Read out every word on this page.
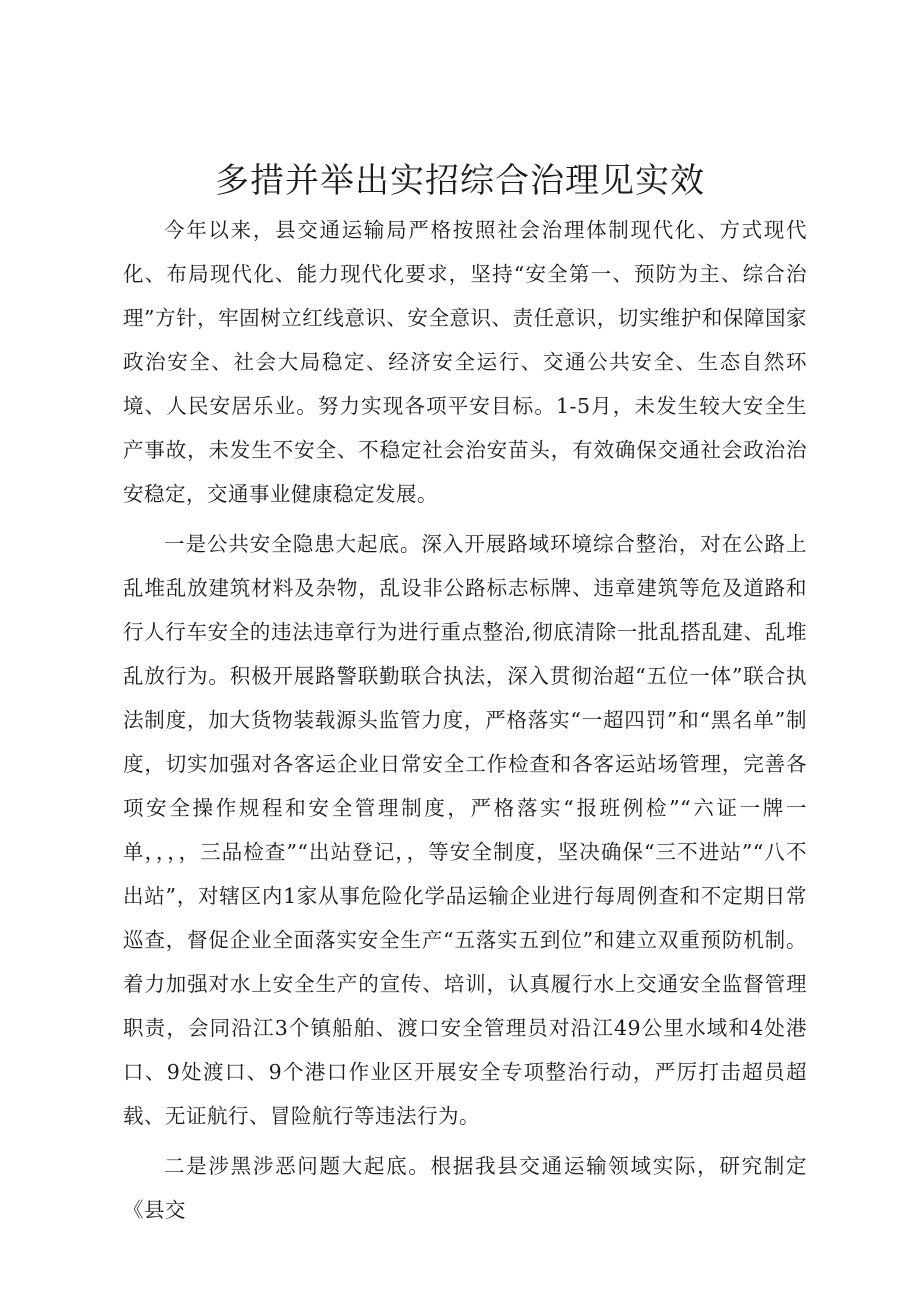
多措并举出实招综合治理见实效

今年以来，县交通运输局严格按照社会治理体制现代化、方式现代化、布局现代化、能力现代化要求，坚持“安全第一、预防为主、综合治理”方针，牢固树立红线意识、安全意识、责任意识，切实维护和保障国家政治安全、社会大局稳定、经济安全运行、交通公共安全、生态自然环境、人民安居乐业。努力实现各项平安目标。1-5月，未发生较大安全生产事故，未发生不安全、不稳定社会治安苗头，有效确保交通社会政治治安稳定，交通事业健康稳定发展。

一是公共安全隐患大起底。深入开展路域环境综合整治，对在公路上乱堆乱放建筑材料及杂物，乱设非公路标志标牌、违章建筑等危及道路和行人行车安全的违法违章行为进行重点整治,彻底清除一批乱搭乱建、乱堆乱放行为。积极开展路警联勤联合执法，深入贯彻治超“五位一体”联合执法制度，加大货物装载源头监管力度，严格落实“一超四罚”和“黑名单”制度，切实加强对各客运企业日常安全工作检查和各客运站场管理，完善各项安全操作规程和安全管理制度，严格落实“报班例检”“六证一牌一单，，，，三品检查”“出站登记，，等安全制度，坚决确保“三不进站”“八不出站”，对辖区内1家从事危险化学品运输企业进行每周例查和不定期日常巡查，督促企业全面落实安全生产“五落实五到位”和建立双重预防机制。着力加强对水上安全生产的宣传、培训，认真履行水上交通安全监督管理职责，会同沿江3个镇船舶、渡口安全管理员对沿江49公里水域和4处港口、9处渡口、9个港口作业区开展安全专项整治行动，严厉打击超员超载、无证航行、冒险航行等违法行为。

二是涉黑涉恶问题大起底。根据我县交通运输领域实际，研究制定《县交
